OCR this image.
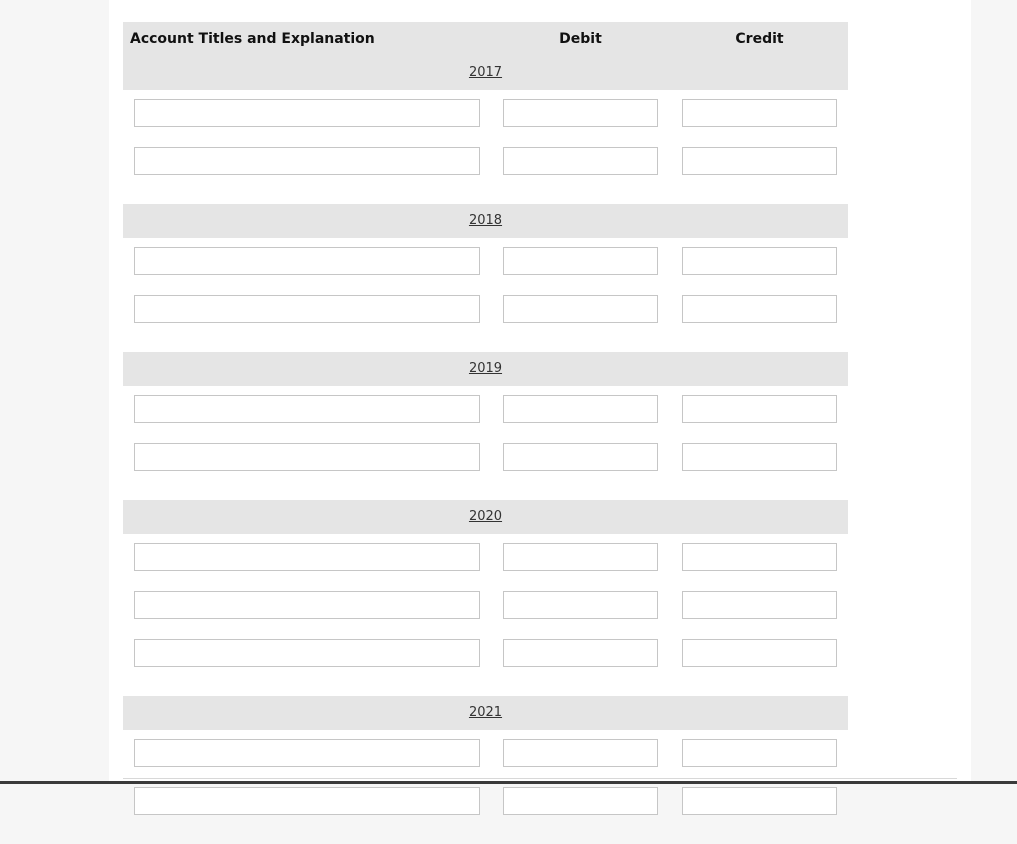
Account Titles and Explanation	Debit	Credit
2017
2018
2019
2020
2021
